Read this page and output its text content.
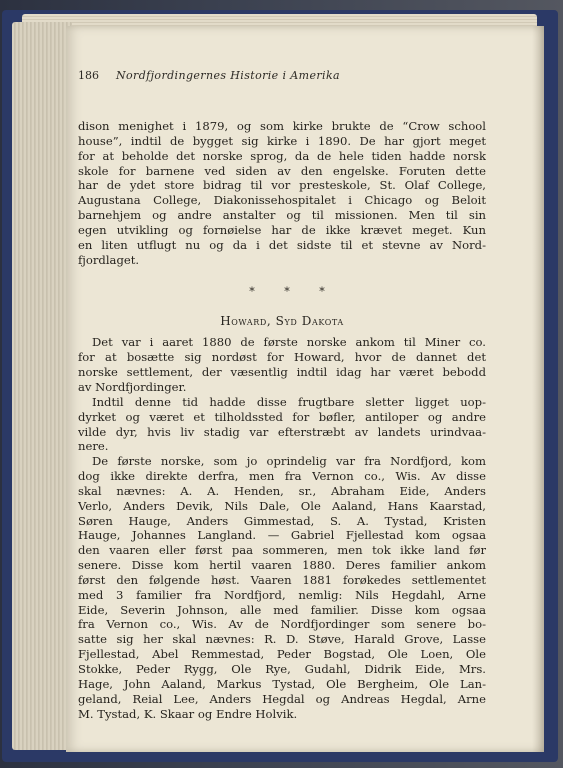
186 Nordfjordingernes Historie i Amerika
dison menighet i 1879, og som kirke brukte de “Crow school
house”, indtil de bygget sig kirke i 1890. De har gjort meget
for at beholde det norske sprog, da de hele tiden hadde norsk
skole for barnene ved siden av den engelske. Foruten dette
har de ydet store bidrag til vor presteskole, St. Olaf College,
Augustana College, Diakonissehospitalet i Chicago og Beloit
barnehjem og andre anstalter og til missionen. Men til sin
egen utvikling og fornøielse har de ikke krævet meget. Kun
en liten utflugt nu og da i det sidste til et stevne av Nord-
fjordlaget.
*	*	*
Howard, Syd Dakota
Det var i aaret 1880 de første norske ankom til Miner co.
for at bosætte sig nordøst for Howard, hvor de dannet det
norske settlement, der væsentlig indtil idag har været bebodd
av Nordfjordinger.
Indtil denne tid hadde disse frugtbare sletter ligget uop-
dyrket og været et tilholdssted for bøfler, antiloper og andre
vilde dyr, hvis liv stadig var efterstræbt av landets urindvaa-
nere.
De første norske, som jo oprindelig var fra Nordfjord, kom
dog ikke direkte derfra, men fra Vernon co., Wis. Av disse
skal nævnes: A. A. Henden, sr., Abraham Eide, Anders
Verlo, Anders Devik, Nils Dale, Ole Aaland, Hans Kaarstad,
Søren Hauge, Anders Gimmestad, S. A. Tystad, Kristen
Hauge, Johannes Langland. — Gabriel Fjellestad kom ogsaa
den vaaren eller først paa sommeren, men tok ikke land før
senere. Disse kom hertil vaaren 1880. Deres familier ankom
først den følgende høst. Vaaren 1881 forøkedes settlementet
med 3 familier fra Nordfjord, nemlig: Nils Hegdahl, Arne
Eide, Severin Johnson, alle med familier. Disse kom ogsaa
fra Vernon co., Wis. Av de Nordfjordinger som senere bo-
satte sig her skal nævnes: R. D. Støve, Harald Grove, Lasse
Fjellestad, Abel Remmestad, Peder Bogstad, Ole Loen, Ole
Stokke, Peder Rygg, Ole Rye, Gudahl, Didrik Eide, Mrs.
Hage, John Aaland, Markus Tystad, Ole Bergheim, Ole Lan-
geland, Reial Lee, Anders Hegdal og Andreas Hegdal, Arne
M. Tystad, K. Skaar og Endre Holvik.
